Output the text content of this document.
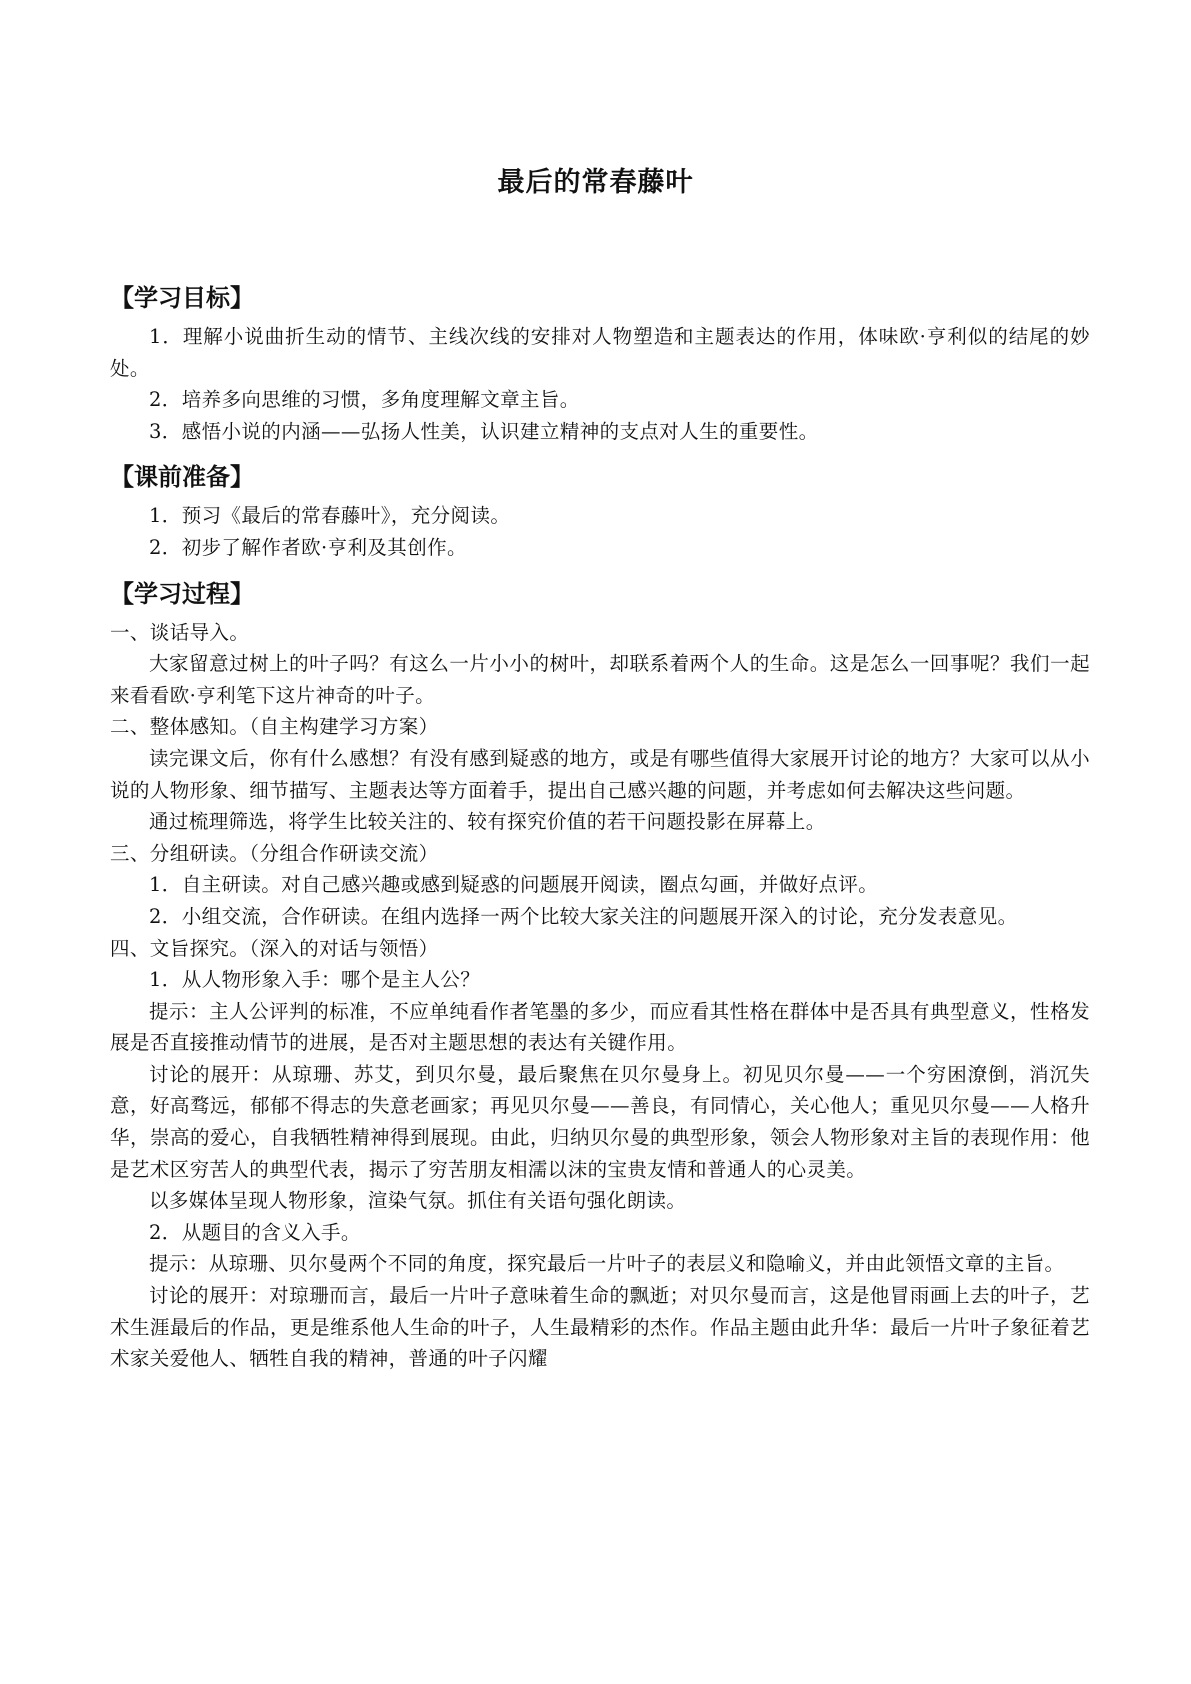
最后的常春藤叶
【学习目标】

1．理解小说曲折生动的情节、主线次线的安排对人物塑造和主题表达的作用，体味欧·亨利似的结尾的妙处。

2．培养多向思维的习惯，多角度理解文章主旨。

3．感悟小说的内涵——弘扬人性美，认识建立精神的支点对人生的重要性。

【课前准备】

1．预习《最后的常春藤叶》，充分阅读。

2．初步了解作者欧·亨利及其创作。

【学习过程】

一、谈话导入。

大家留意过树上的叶子吗？有这么一片小小的树叶，却联系着两个人的生命。这是怎么一回事呢？我们一起来看看欧·亨利笔下这片神奇的叶子。

二、整体感知。（自主构建学习方案）

读完课文后，你有什么感想？有没有感到疑惑的地方，或是有哪些值得大家展开讨论的地方？大家可以从小说的人物形象、细节描写、主题表达等方面着手，提出自己感兴趣的问题，并考虑如何去解决这些问题。

通过梳理筛选，将学生比较关注的、较有探究价值的若干问题投影在屏幕上。

三、分组研读。（分组合作研读交流）

1．自主研读。对自己感兴趣或感到疑惑的问题展开阅读，圈点勾画，并做好点评。

2．小组交流，合作研读。在组内选择一两个比较大家关注的问题展开深入的讨论，充分发表意见。

四、文旨探究。（深入的对话与领悟）

1．从人物形象入手：哪个是主人公？

提示：主人公评判的标准，不应单纯看作者笔墨的多少，而应看其性格在群体中是否具有典型意义，性格发展是否直接推动情节的进展，是否对主题思想的表达有关键作用。

讨论的展开：从琼珊、苏艾，到贝尔曼，最后聚焦在贝尔曼身上。初见贝尔曼——一个穷困潦倒，消沉失意，好高骛远，郁郁不得志的失意老画家；再见贝尔曼——善良，有同情心，关心他人；重见贝尔曼——人格升华，崇高的爱心，自我牺牲精神得到展现。由此，归纳贝尔曼的典型形象，领会人物形象对主旨的表现作用：他是艺术区穷苦人的典型代表，揭示了穷苦朋友相濡以沫的宝贵友情和普通人的心灵美。

以多媒体呈现人物形象，渲染气氛。抓住有关语句强化朗读。

2．从题目的含义入手。

提示：从琼珊、贝尔曼两个不同的角度，探究最后一片叶子的表层义和隐喻义，并由此领悟文章的主旨。

讨论的展开：对琼珊而言，最后一片叶子意味着生命的飘逝；对贝尔曼而言，这是他冒雨画上去的叶子，艺术生涯最后的作品，更是维系他人生命的叶子，人生最精彩的杰作。作品主题由此升华：最后一片叶子象征着艺术家关爱他人、牺牲自我的精神，普通的叶子闪耀
